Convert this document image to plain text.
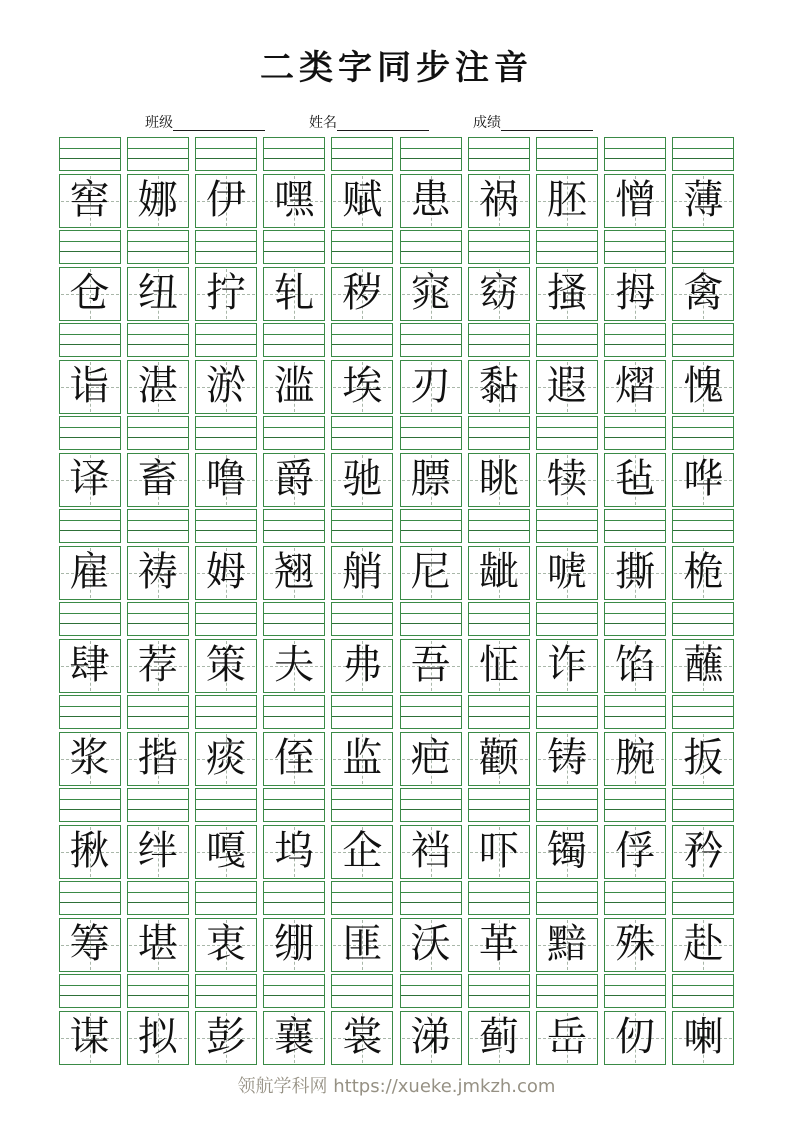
二类字同步注音
班级	姓名	成绩
窖 娜 伊 嘿 赋 患 祸 胚 憎 薄
仓 纽 拧 轧 秽 窕 窈 搔 拇 禽
诣 湛 淤 滥 埃 刃 黏 遐 熠 愧
译 畜 噜 爵 驰 膘 眺 犊 毡 哗
雇 祷 姆 翘 艄 尼 龇 唬 撕 桅
肆 荐 策 夫 弗 吾 怔 诈 馅 蘸
浆 揩 痰 侄 监 疤 颧 铸 腕 扳
揪 绊 嘎 坞 企 裆 吓 镯 俘 矜
筹 堪 衷 绷 匪 沃 革 黯 殊 赴
谋 拟 彭 襄 裳 涕 蓟 岳 仞 喇
领航学科网 https://xueke.jmkzh.com
